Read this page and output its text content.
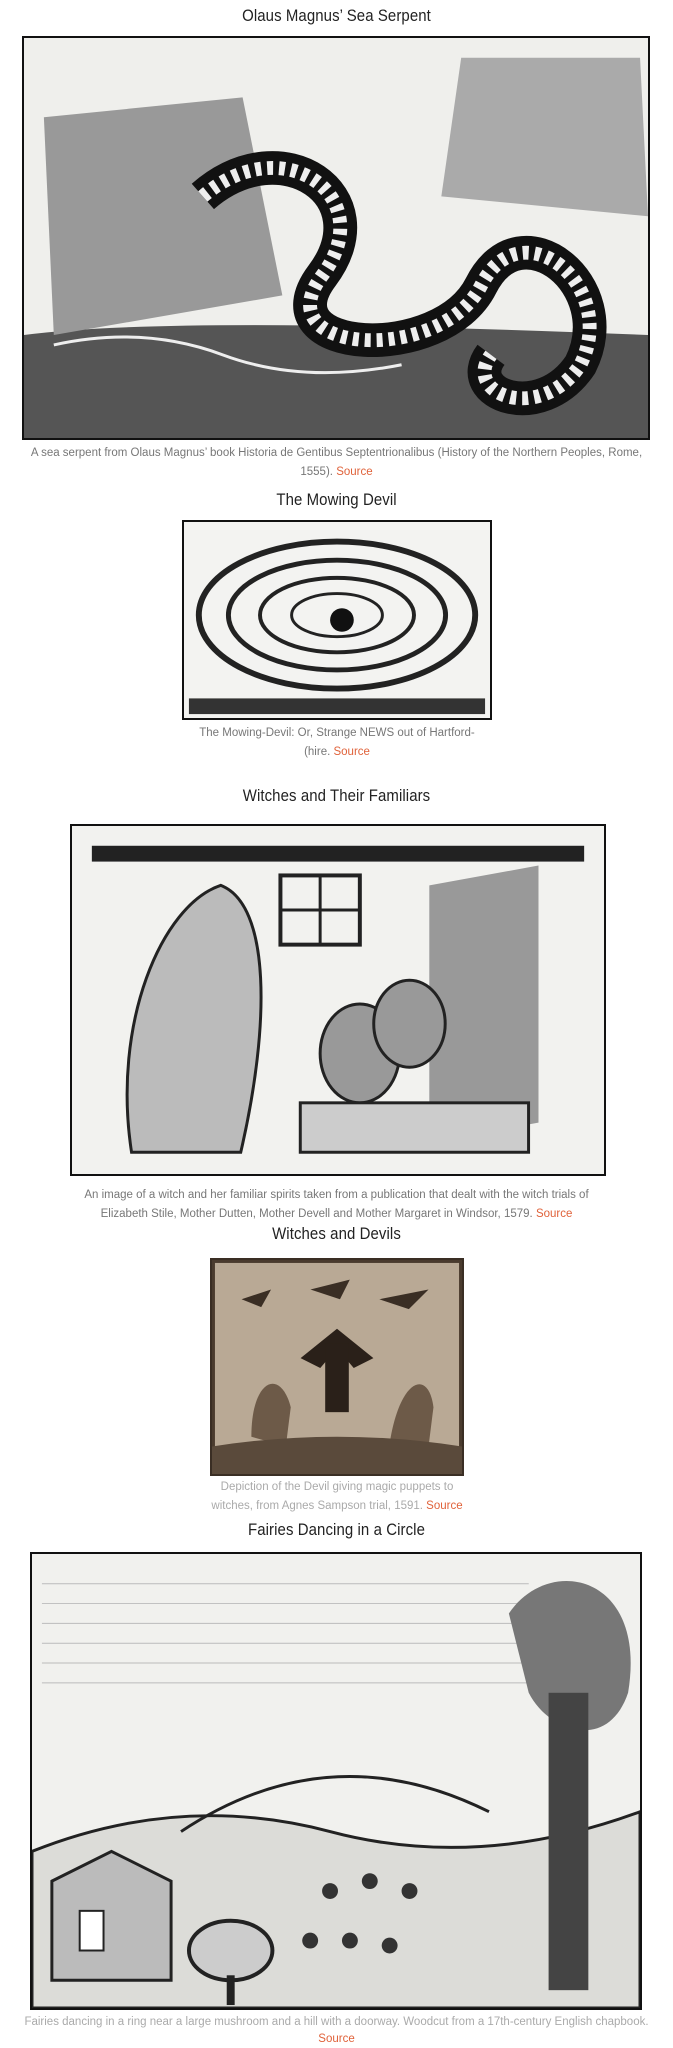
Olaus Magnus’ Sea Serpent
A sea serpent from Olaus Magnus’ book Historia de Gentibus Septentrionalibus (History of the Northern Peoples, Rome, 1555). Source
The Mowing Devil
The Mowing-Devil: Or, Strange NEWS out of Hartford-
(hire. Source
Witches and Their Familiars
An image of a witch and her familiar spirits taken from a publication that dealt with the witch trials of
Elizabeth Stile, Mother Dutten, Mother Devell and Mother Margaret in Windsor, 1579. Source
Witches and Devils
Depiction of the Devil giving magic puppets to
witches, from Agnes Sampson trial, 1591. Source
Fairies Dancing in a Circle
Fairies dancing in a ring near a large mushroom and a hill with a doorway. Woodcut from a 17th-century English chapbook.
Source
